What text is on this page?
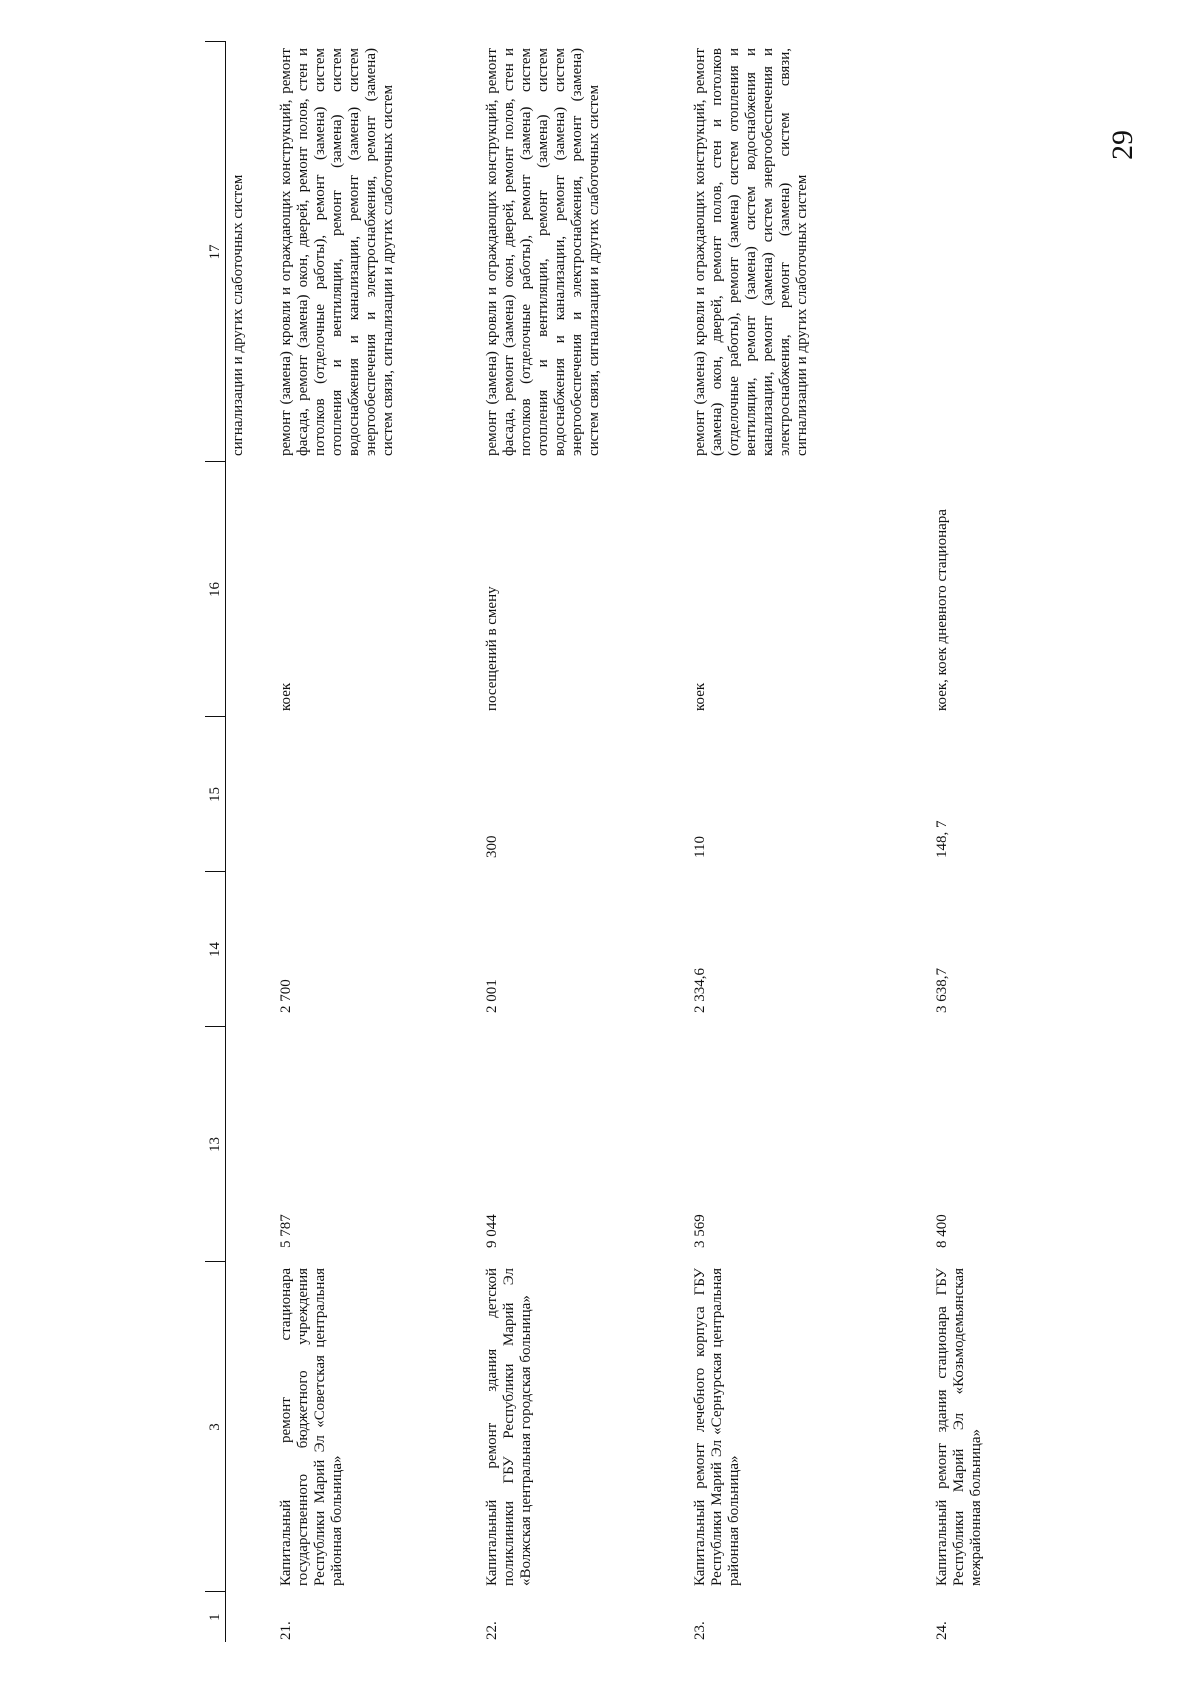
29
1	3	13	14	15	16	17
						сигнализации и других слаботочных систем
21.	Капитальный ремонт стационара государственного бюджетного учреждения Республики Марий Эл «Советская центральная районная больница»	5 787	2 700		коек	ремонт (замена) кровли и ограждающих конструкций, ремонт фасада, ремонт (замена) окон, дверей, ремонт полов, стен и потолков (отделочные работы), ремонт (замена) систем отопления и вентиляции, ремонт (замена) систем водоснабжения и канализации, ремонт (замена) систем энергообеспечения и электроснабжения, ремонт (замена) систем связи, сигнализации и других слаботочных систем
22.	Капитальный ремонт здания детской поликлиники ГБУ Республики Марий Эл «Волжская центральная городская больница»	9 044	2 001	300	посещений в смену	ремонт (замена) кровли и ограждающих конструкций, ремонт фасада, ремонт (замена) окон, дверей, ремонт полов, стен и потолков (отделочные работы), ремонт (замена) систем отопления и вентиляции, ремонт (замена) систем водоснабжения и канализации, ремонт (замена) систем энергообеспечения и электроснабжения, ремонт (замена) систем связи, сигнализации и других слаботочных систем
23.	Капитальный ремонт лечебного корпуса ГБУ Республики Марий Эл «Сернурская центральная районная больница»	3 569	2 334,6	110	коек	ремонт (замена) кровли и ограждающих конструкций, ремонт (замена) окон, дверей, ремонт полов, стен и потолков (отделочные работы), ремонт (замена) систем отопления и вентиляции, ремонт (замена) систем водоснабжения и канализации, ремонт (замена) систем энергообеспечения и электроснабжения, ремонт (замена) систем связи, сигнализации и других слаботочных систем
24.	Капитальный ремонт здания стационара ГБУ Республики Марий Эл «Козьмодемьянская межрайонная больница»	8 400	3 638,7	148, 7	коек, коек дневного стационара	
